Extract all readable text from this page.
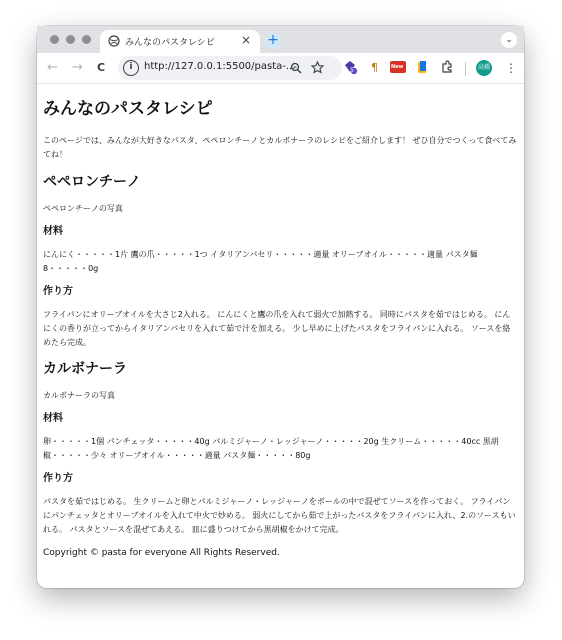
みんなのパスタレシピ	× +	⌄
← → C	i	http://127.0.0.1:5500/pasta-...	5 ¶	New	高橋 ⋮
みんなのパスタレシピ

このページでは、みんなが大好きなパスタ、ペペロンチーノとカルボナーラのレシピをご紹介します！ ぜひ自分でつくって食べてみてね！

ペペロンチーノ

ペペロンチーノの写真

材料

にんにく・・・・・1片 鷹の爪・・・・・1つ イタリアンパセリ・・・・・適量 オリーブオイル・・・・・適量 パスタ麺8・・・・・0g

作り方

フライパンにオリーブオイルを大さじ2入れる。 にんにくと鷹の爪を入れて弱火で加熱する。 同時にパスタを茹ではじめる。 にんにくの香りが立ってからイタリアンパセリを入れて茹で汁を加える。 少し早めに上げたパスタをフライパンに入れる。 ソースを絡めたら完成。

カルボナーラ

カルボナーラの写真

材料

卵・・・・・1個 パンチェッタ・・・・・40g パルミジャーノ・レッジャーノ・・・・・20g 生クリーム・・・・・40cc 黒胡椒・・・・・少々 オリーブオイル・・・・・適量 パスタ麺・・・・・80g

作り方

パスタを茹ではじめる。 生クリームと卵とパルミジャーノ・レッジャーノをボールの中で混ぜてソースを作っておく。 フライパンにパンチェッタとオリーブオイルを入れて中火で炒める。 弱火にしてから茹で上がったパスタをフライパンに入れ、2.のソースもいれる。 パスタとソースを混ぜてあえる。 皿に盛りつけてから黒胡椒をかけて完成。

Copyright © pasta for everyone All Rights Reserved.
